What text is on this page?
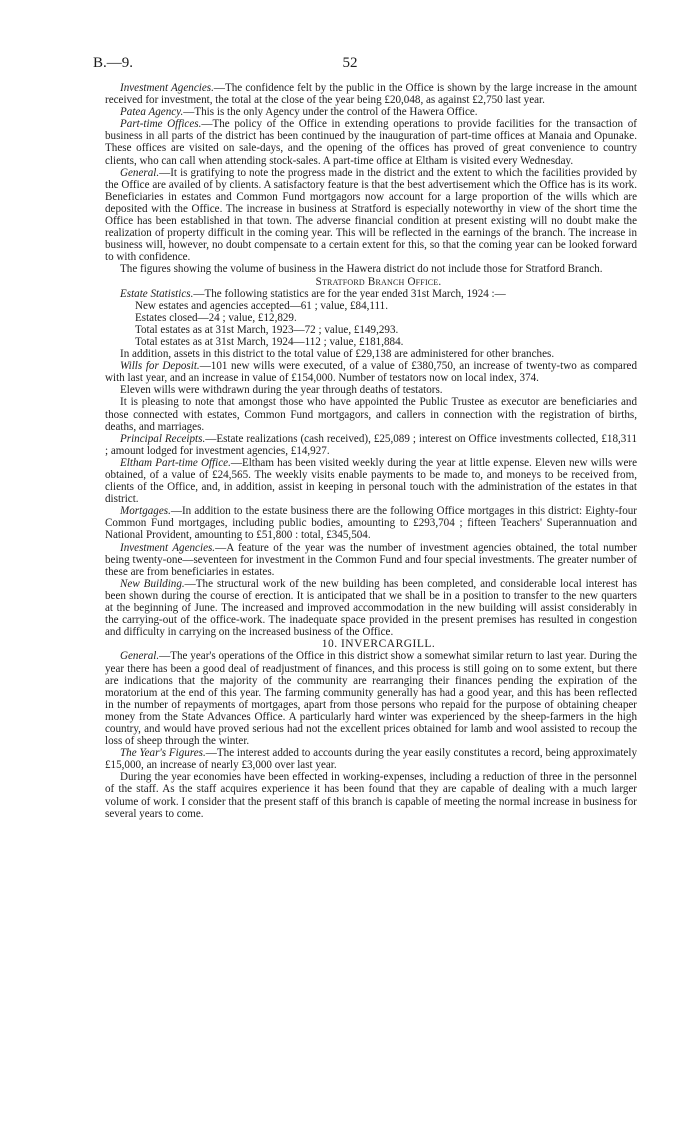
B.—9.	52

Investment Agencies.—The confidence felt by the public in the Office is shown by the large increase in the amount received for investment, the total at the close of the year being £20,048, as against £2,750 last year.

Patea Agency.—This is the only Agency under the control of the Hawera Office.

Part-time Offices.—The policy of the Office in extending operations to provide facilities for the transaction of business in all parts of the district has been continued by the inauguration of part-time offices at Manaia and Opunake. These offices are visited on sale-days, and the opening of the offices has proved of great convenience to country clients, who can call when attending stock-sales. A part-time office at Eltham is visited every Wednesday.

General.—It is gratifying to note the progress made in the district and the extent to which the facilities provided by the Office are availed of by clients. A satisfactory feature is that the best advertisement which the Office has is its work. Beneficiaries in estates and Common Fund mortgagors now account for a large proportion of the wills which are deposited with the Office. The increase in business at Stratford is especially noteworthy in view of the short time the Office has been established in that town. The adverse financial condition at present existing will no doubt make the realization of property difficult in the coming year. This will be reflected in the earnings of the branch. The increase in business will, however, no doubt compensate to a certain extent for this, so that the coming year can be looked forward to with confidence.

The figures showing the volume of business in the Hawera district do not include those for Stratford Branch.

Stratford Branch Office.

Estate Statistics.—The following statistics are for the year ended 31st March, 1924 :—

New estates and agencies accepted—61 ; value, £84,111.

Estates closed—24 ; value, £12,829.

Total estates as at 31st March, 1923—72 ; value, £149,293.

Total estates as at 31st March, 1924—112 ; value, £181,884.

In addition, assets in this district to the total value of £29,138 are administered for other branches.

Wills for Deposit.—101 new wills were executed, of a value of £380,750, an increase of twenty-two as compared with last year, and an increase in value of £154,000. Number of testators now on local index, 374.

Eleven wills were withdrawn during the year through deaths of testators.

It is pleasing to note that amongst those who have appointed the Public Trustee as executor are beneficiaries and those connected with estates, Common Fund mortgagors, and callers in connection with the registration of births, deaths, and marriages.

Principal Receipts.—Estate realizations (cash received), £25,089 ; interest on Office investments collected, £18,311 ; amount lodged for investment agencies, £14,927.

Eltham Part-time Office.—Eltham has been visited weekly during the year at little expense. Eleven new wills were obtained, of a value of £24,565. The weekly visits enable payments to be made to, and moneys to be received from, clients of the Office, and, in addition, assist in keeping in personal touch with the administration of the estates in that district.

Mortgages.—In addition to the estate business there are the following Office mortgages in this district: Eighty-four Common Fund mortgages, including public bodies, amounting to £293,704 ; fifteen Teachers' Superannuation and National Provident, amounting to £51,800 : total, £345,504.

Investment Agencies.—A feature of the year was the number of investment agencies obtained, the total number being twenty-one—seventeen for investment in the Common Fund and four special investments. The greater number of these are from beneficiaries in estates.

New Building.—The structural work of the new building has been completed, and considerable local interest has been shown during the course of erection. It is anticipated that we shall be in a position to transfer to the new quarters at the beginning of June. The increased and improved accommodation in the new building will assist considerably in the carrying-out of the office-work. The inadequate space provided in the present premises has resulted in congestion and difficulty in carrying on the increased business of the Office.

10. INVERCARGILL.

General.—The year's operations of the Office in this district show a somewhat similar return to last year. During the year there has been a good deal of readjustment of finances, and this process is still going on to some extent, but there are indications that the majority of the community are rearranging their finances pending the expiration of the moratorium at the end of this year. The farming community generally has had a good year, and this has been reflected in the number of repayments of mortgages, apart from those persons who repaid for the purpose of obtaining cheaper money from the State Advances Office. A particularly hard winter was experienced by the sheep-farmers in the high country, and would have proved serious had not the excellent prices obtained for lamb and wool assisted to recoup the loss of sheep through the winter.

The Year's Figures.—The interest added to accounts during the year easily constitutes a record, being approximately £15,000, an increase of nearly £3,000 over last year.

During the year economies have been effected in working-expenses, including a reduction of three in the personnel of the staff. As the staff acquires experience it has been found that they are capable of dealing with a much larger volume of work. I consider that the present staff of this branch is capable of meeting the normal increase in business for several years to come.
